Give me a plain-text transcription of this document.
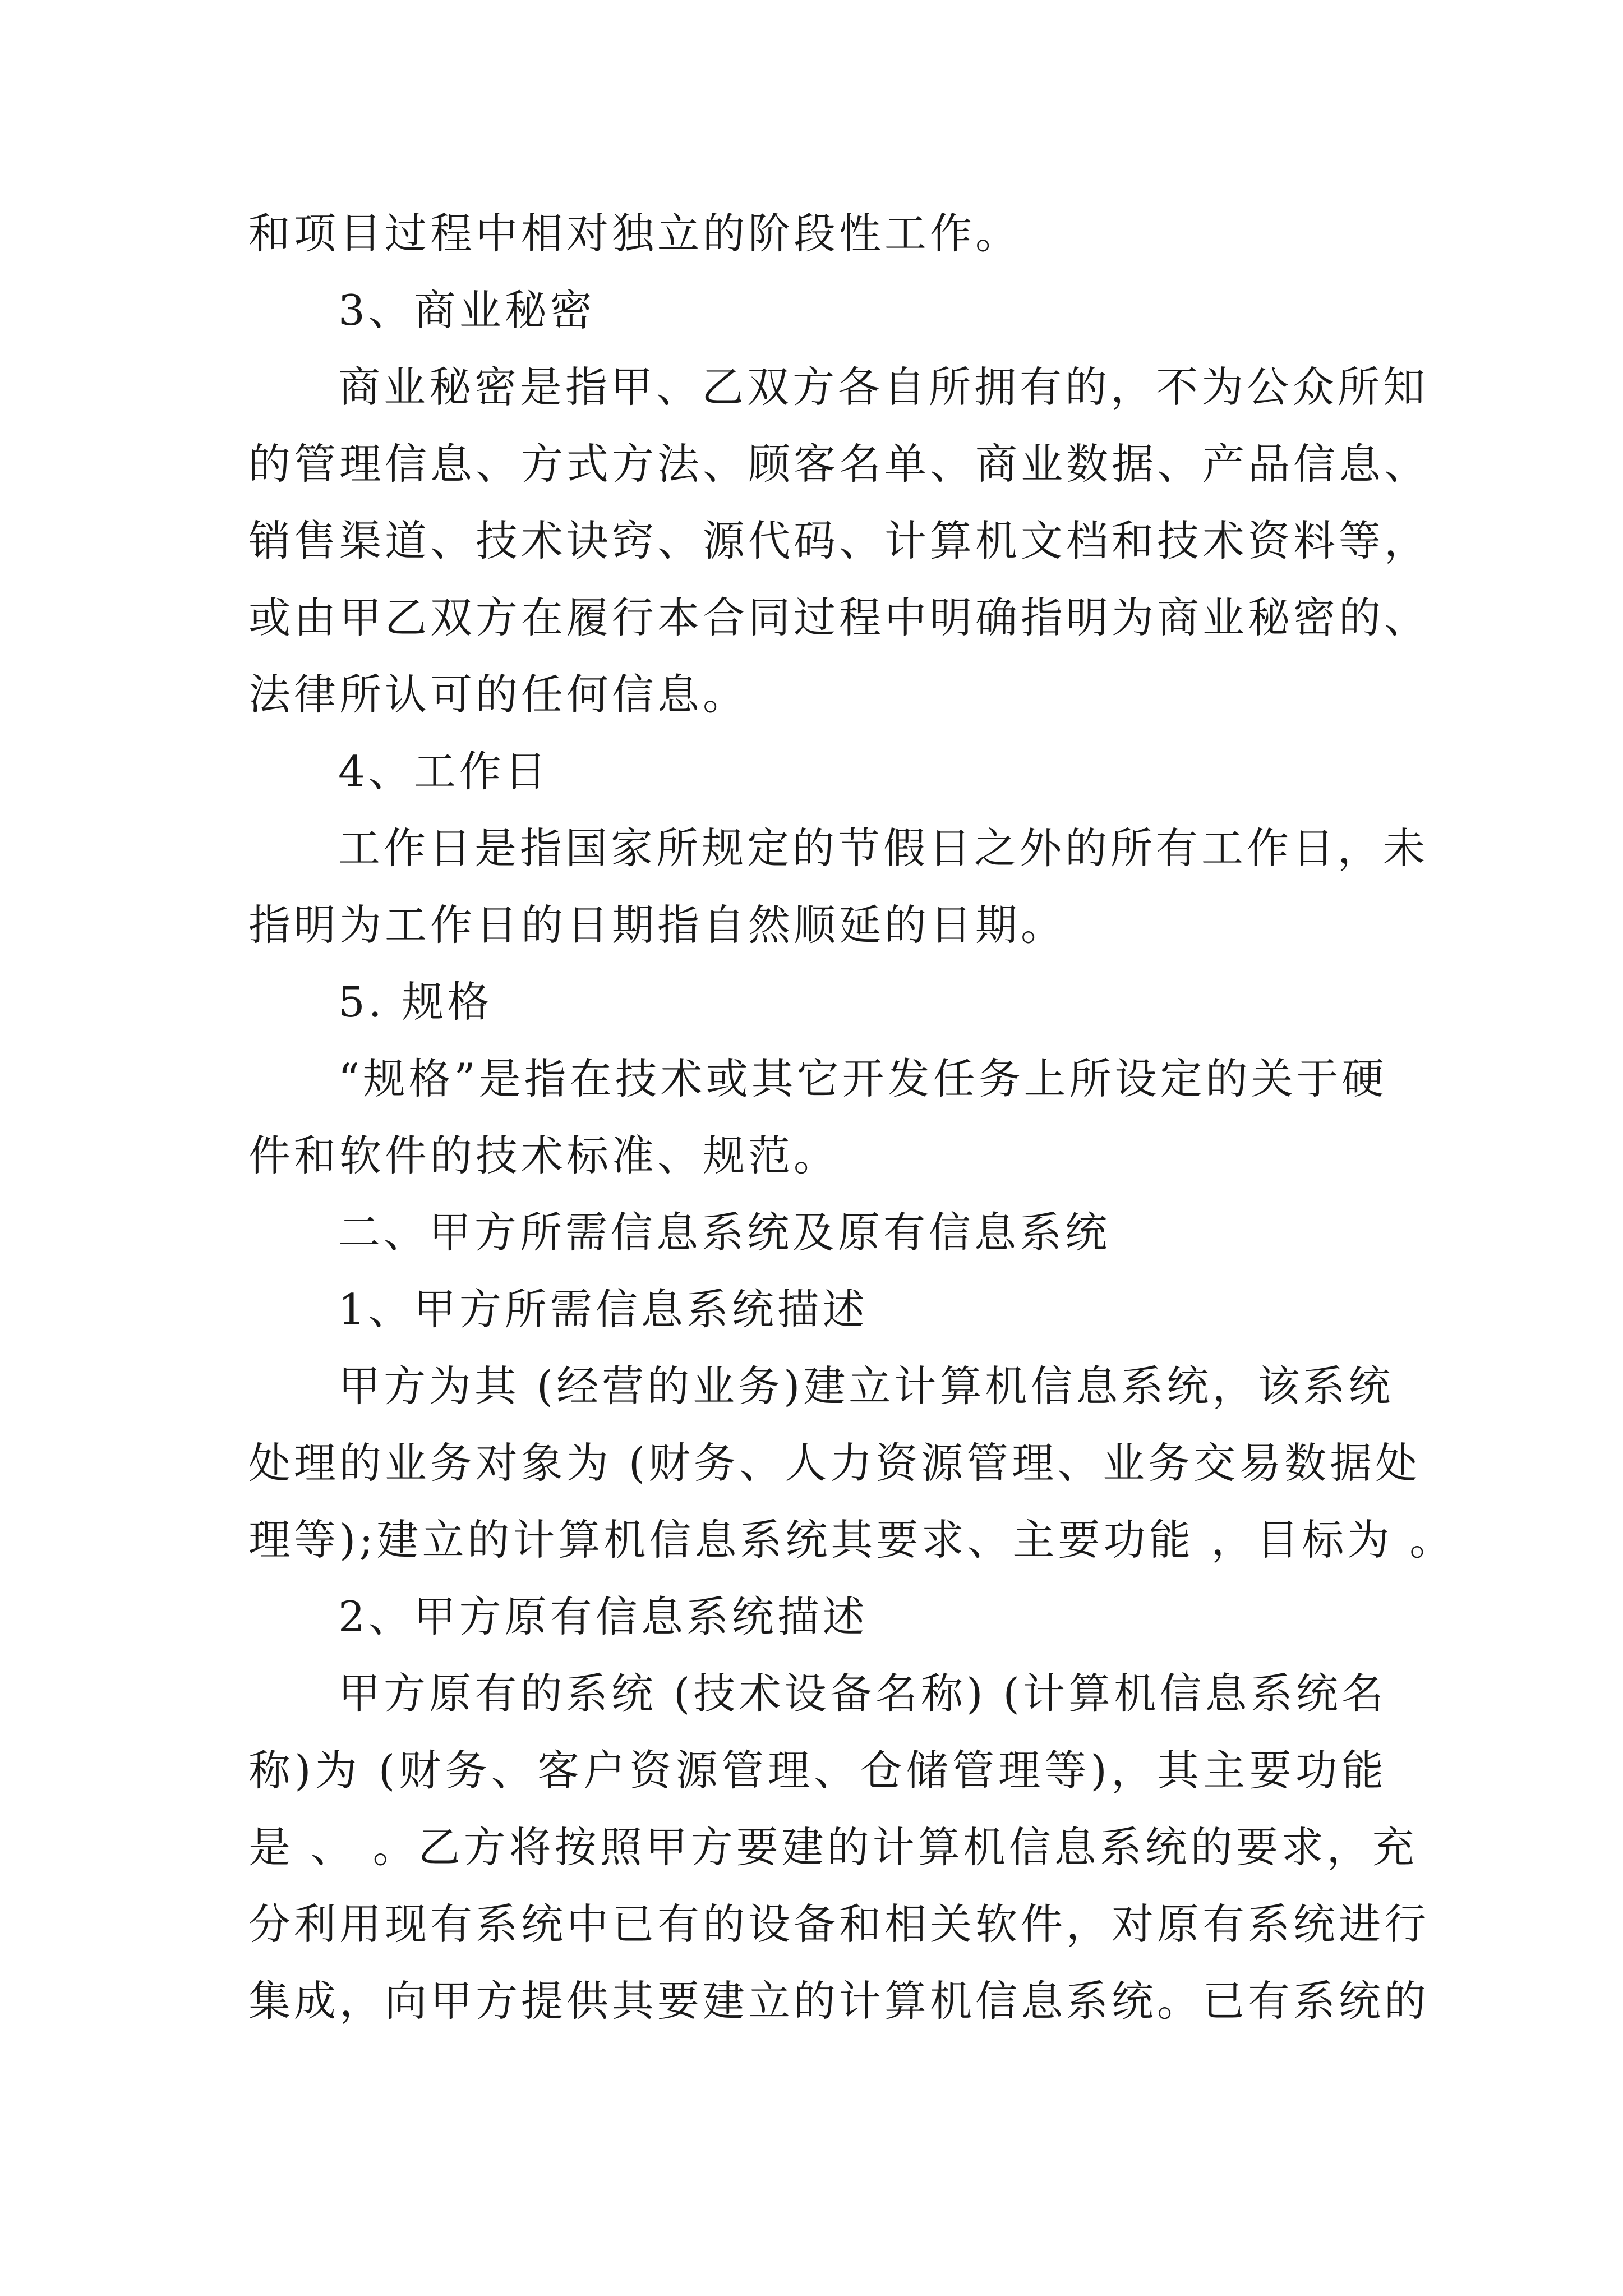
和项目过程中相对独立的阶段性工作。
3、商业秘密
商业秘密是指甲、乙双方各自所拥有的，不为公众所知
的管理信息、方式方法、顾客名单、商业数据、产品信息、
销售渠道、技术诀窍、源代码、计算机文档和技术资料等，
或由甲乙双方在履行本合同过程中明确指明为商业秘密的、
法律所认可的任何信息。
4、工作日
工作日是指国家所规定的节假日之外的所有工作日，未
指明为工作日的日期指自然顺延的日期。
5. 规格
“规格”是指在技术或其它开发任务上所设定的关于硬
件和软件的技术标准、规范。
二、甲方所需信息系统及原有信息系统
1、甲方所需信息系统描述
甲方为其 (经营的业务)建立计算机信息系统，该系统
处理的业务对象为 (财务、人力资源管理、业务交易数据处
理等);建立的计算机信息系统其要求、主要功能 ，目标为 。
2、甲方原有信息系统描述
甲方原有的系统 (技术设备名称) (计算机信息系统名
称)为 (财务、客户资源管理、仓储管理等)，其主要功能
是 、 。乙方将按照甲方要建的计算机信息系统的要求，充
分利用现有系统中已有的设备和相关软件，对原有系统进行
集成，向甲方提供其要建立的计算机信息系统。已有系统的
